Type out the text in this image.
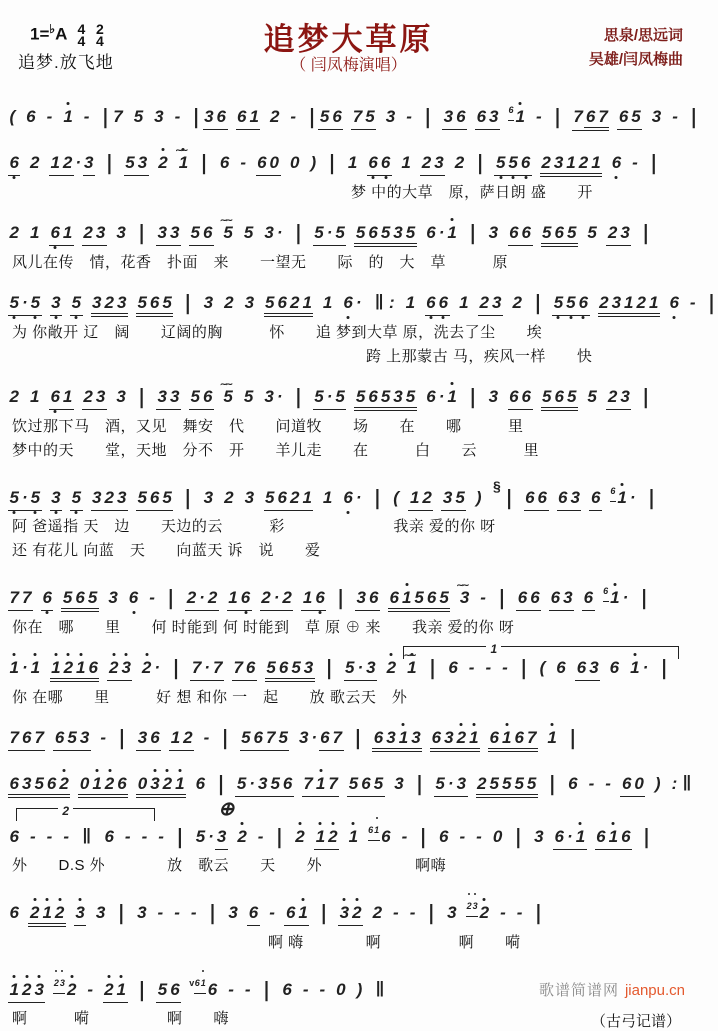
1=♭A 4
4

2
4
追梦.放飞地
追梦大草原
（ 闫凤梅演唱）
思泉/思远词
吴雄/闫凤梅曲
( 6 - 1 - | 7 5 3 - | 3 6 6 1 2 - | 5 6 7 5 3 - | 3 6 6 3 6 1 - | 7 6 7 6 5 3 - |
6 2 1 2 · 3 | 5 3 2 ∼∼ 1 | 6 - 6 0 0 ) | 1 6 6 1 2 3 2 | 5 5 6 2 3 1 2 1 6 - |
梦 中的大草　原，萨日朗 盛　　开
2 1 6 1 2 3 3 | 3 3 5 6 ∼∼ 5 5 3 · | 5 · 5 5 6 5 3 5 6 · 1 | 3 6 6 5 6 5 5 2 3 |
风儿在传　情，花香　扑面　来　　一望无　　际　的　大　草　　　原
5 · 5 3 5 3 2 3 5 6 5 | 3 2 3 5 6 2 1 1 6 · ‖ : 1 6 6 1 2 3 2 | 5 5 6 2 3 1 2 1 6 - |
为 你敞开 辽　阔　　辽阔的胸　　　怀　　追 梦到大草 原，洗去了尘　　埃
跨 上那蒙古 马，疾风一样　　快
2 1 6 1 2 3 3 | 3 3 5 6 ∼∼ 5 5 3 · | 5 · 5 5 6 5 3 5 6 · 1 | 3 6 6 5 6 5 5 2 3 |
饮过那下马　酒，又见　舞安　代　　问道牧　　场　　在　　哪　　　里
梦中的天　　堂，天地　分不　开　　羊儿走　　在　　　白　　云　　　里
5 · 5 3 5 3 2 3 5 6 5 | 3 2 3 5 6 2 1 1 6 · | ( 1 2 3 5 )§ | 6 6 6 3 6 6 1 · |
阿 爸遥指 天　边　　天边的云　　　彩　　　　　　　我亲 爱的你 呀
还 有花儿 向蓝　天　　向蓝天 诉　说　　爱
7 7 6 5 6 5 3 6 - | 2 · 2 1 6 2 · 2 1 6 | 3 6 6 1 5 6 5 ∼∼ 3 - | 6 6 6 3 6 6 1 · |
你在　哪　　里　　何 时能到 何 时能到　草 原 ⊕ 来　　我亲 爱的你 呀
1
1 · 1 1 2 1 6 2 3 2 · | 7 · 7 7 6 5 6 5 3 | 5 · 3 2 ∼∼ 1 | 6 - - - | ( 6 6 3 6 1 · |
你 在哪　　里　　　好 想 和你 一　起　　放 歌云天　外
7 6 7 6 5 3 - | 3 6 1 2 - | 5 6 7 5 3 · 6 7 | 6 3 1 3 6 3 2 1 6 1 6 7 1 |
6 3 5 6 2 0 1 2 6 0 3 2 1 6 | 5 · 3 5 6 7 1 7 5 6 5 3 | 5 · 3 2 5 5 5 5 | 6 - - 6 0 ) : ‖
2	⊕
6 - - - ‖ 6 - - - | 5 · 3 2 - | 2 1 2 1 61 6 - | 6 - - 0 | 3 6 · 1 6 1 6 |
外　　D.S 外　　　　放　歌云　　天　　外　　　　　　啊嗨
6 2 1 2 3 3 | 3 - - - | 3 6 - 6 1 | 3 2 2 - - | 3 23 2 - - |
啊 嗨　　　　啊　　　　　啊　　嗬
1 2 3 23 2 - 2 1 | 5 6 $^v$61 6 - - | 6 - - 0 ) ‖
啊　　　嗬　　　　　啊　　嗨	（古弓记谱）
歌谱简谱网 jianpu.cn
